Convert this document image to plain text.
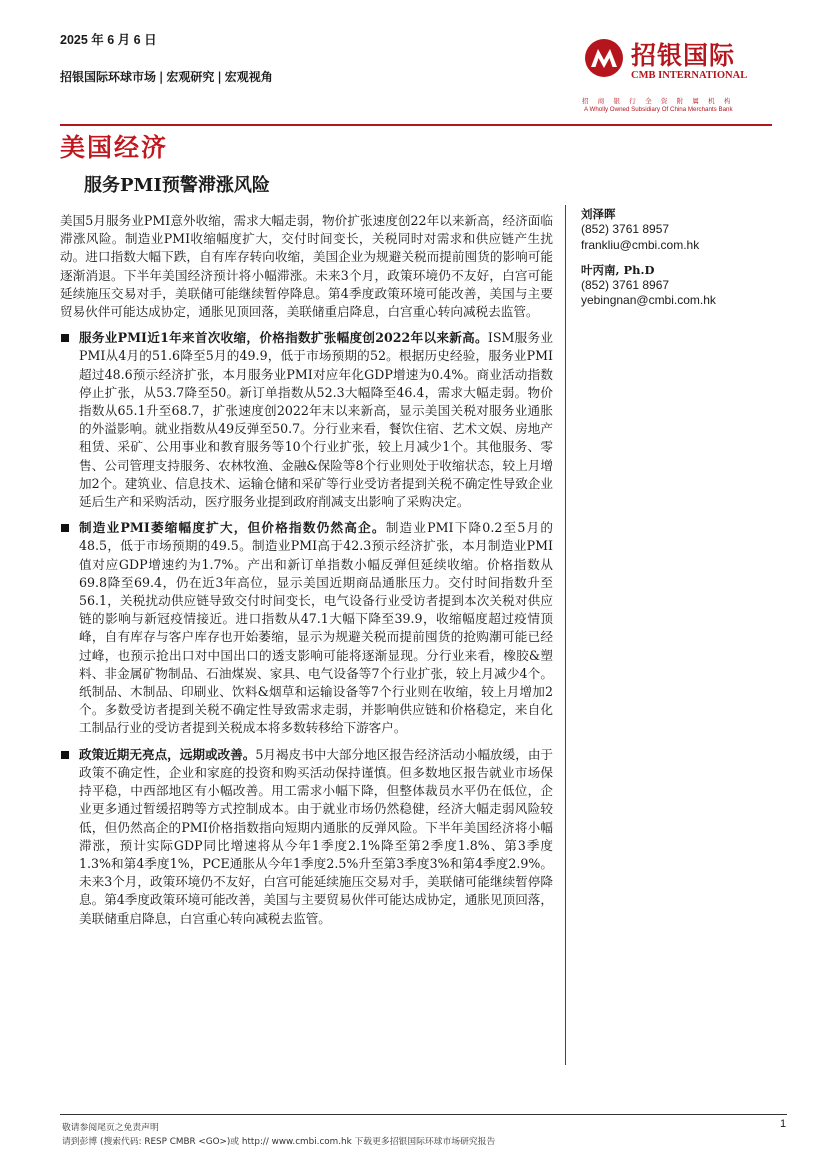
2025 年 6 月 6 日
招银国际环球市场 | 宏观研究 | 宏观视角
招银国际
CMB INTERNATIONAL
招 商 银 行 全 资 附 属 机 构
A Wholly Owned Subsidiary Of China Merchants Bank
美国经济
服务PMI预警滞涨风险

美国5月服务业PMI意外收缩，需求大幅走弱，物价扩张速度创22年以来新高，经济面临滞涨风险。制造业PMI收缩幅度扩大，交付时间变长，关税同时对需求和供应链产生扰动。进口指数大幅下跌，自有库存转向收缩，美国企业为规避关税而提前囤货的影响可能逐渐消退。下半年美国经济预计将小幅滞涨。未来3个月，政策环境仍不友好，白宫可能延续施压交易对手，美联储可能继续暂停降息。第4季度政策环境可能改善，美国与主要贸易伙伴可能达成协定，通胀见顶回落，美联储重启降息，白宫重心转向减税去监管。

服务业PMI近1年来首次收缩，价格指数扩张幅度创2022年以来新高。ISM服务业PMI从4月的51.6降至5月的49.9，低于市场预期的52。根据历史经验，服务业PMI超过48.6预示经济扩张，本月服务业PMI对应年化GDP增速为0.4%。商业活动指数停止扩张，从53.7降至50。新订单指数从52.3大幅降至46.4，需求大幅走弱。物价指数从65.1升至68.7，扩张速度创2022年末以来新高，显示美国关税对服务业通胀的外溢影响。就业指数从49反弹至50.7。分行业来看，餐饮住宿、艺术文娱、房地产租赁、采矿、公用事业和教育服务等10个行业扩张，较上月减少1个。其他服务、零售、公司管理支持服务、农林牧渔、金融&保险等8个行业则处于收缩状态，较上月增加2个。建筑业、信息技术、运输仓储和采矿等行业受访者提到关税不确定性导致企业延后生产和采购活动，医疗服务业提到政府削减支出影响了采购决定。

制造业PMI萎缩幅度扩大，但价格指数仍然高企。制造业PMI下降0.2至5月的48.5，低于市场预期的49.5。制造业PMI高于42.3预示经济扩张，本月制造业PMI值对应GDP增速约为1.7%。产出和新订单指数小幅反弹但延续收缩。价格指数从69.8降至69.4，仍在近3年高位，显示美国近期商品通胀压力。交付时间指数升至56.1，关税扰动供应链导致交付时间变长，电气设备行业受访者提到本次关税对供应链的影响与新冠疫情接近。进口指数从47.1大幅下降至39.9，收缩幅度超过疫情顶峰，自有库存与客户库存也开始萎缩，显示为规避关税而提前囤货的抢购潮可能已经过峰，也预示抢出口对中国出口的透支影响可能将逐渐显现。分行业来看，橡胶&塑料、非金属矿物制品、石油煤炭、家具、电气设备等7个行业扩张，较上月减少4个。纸制品、木制品、印刷业、饮料&烟草和运输设备等7个行业则在收缩，较上月增加2个。多数受访者提到关税不确定性导致需求走弱，并影响供应链和价格稳定，来自化工制品行业的受访者提到关税成本将多数转移给下游客户。

政策近期无亮点，远期或改善。5月褐皮书中大部分地区报告经济活动小幅放缓，由于政策不确定性，企业和家庭的投资和购买活动保持谨慎。但多数地区报告就业市场保持平稳，中西部地区有小幅改善。用工需求小幅下降，但整体裁员水平仍在低位，企业更多通过暂缓招聘等方式控制成本。由于就业市场仍然稳健，经济大幅走弱风险较低，但仍然高企的PMI价格指数指向短期内通胀的反弹风险。下半年美国经济将小幅滞涨，预计实际GDP同比增速将从今年1季度2.1%降至第2季度1.8%、第3季度1.3%和第4季度1%，PCE通胀从今年1季度2.5%升至第3季度3%和第4季度2.9%。未来3个月，政策环境仍不友好，白宫可能延续施压交易对手，美联储可能继续暂停降息。第4季度政策环境可能改善，美国与主要贸易伙伴可能达成协定，通胀见顶回落，美联储重启降息，白宫重心转向减税去监管。

刘泽晖
(852) 3761 8957
frankliu@cmbi.com.hk
叶丙南, Ph.D
(852) 3761 8967
yebingnan@cmbi.com.hk
敬请参阅尾页之免责声明
请到彭博 (搜索代码: RESP CMBR <GO>)或 http:// www.cmbi.com.hk 下载更多招银国际环球市场研究报告
1
